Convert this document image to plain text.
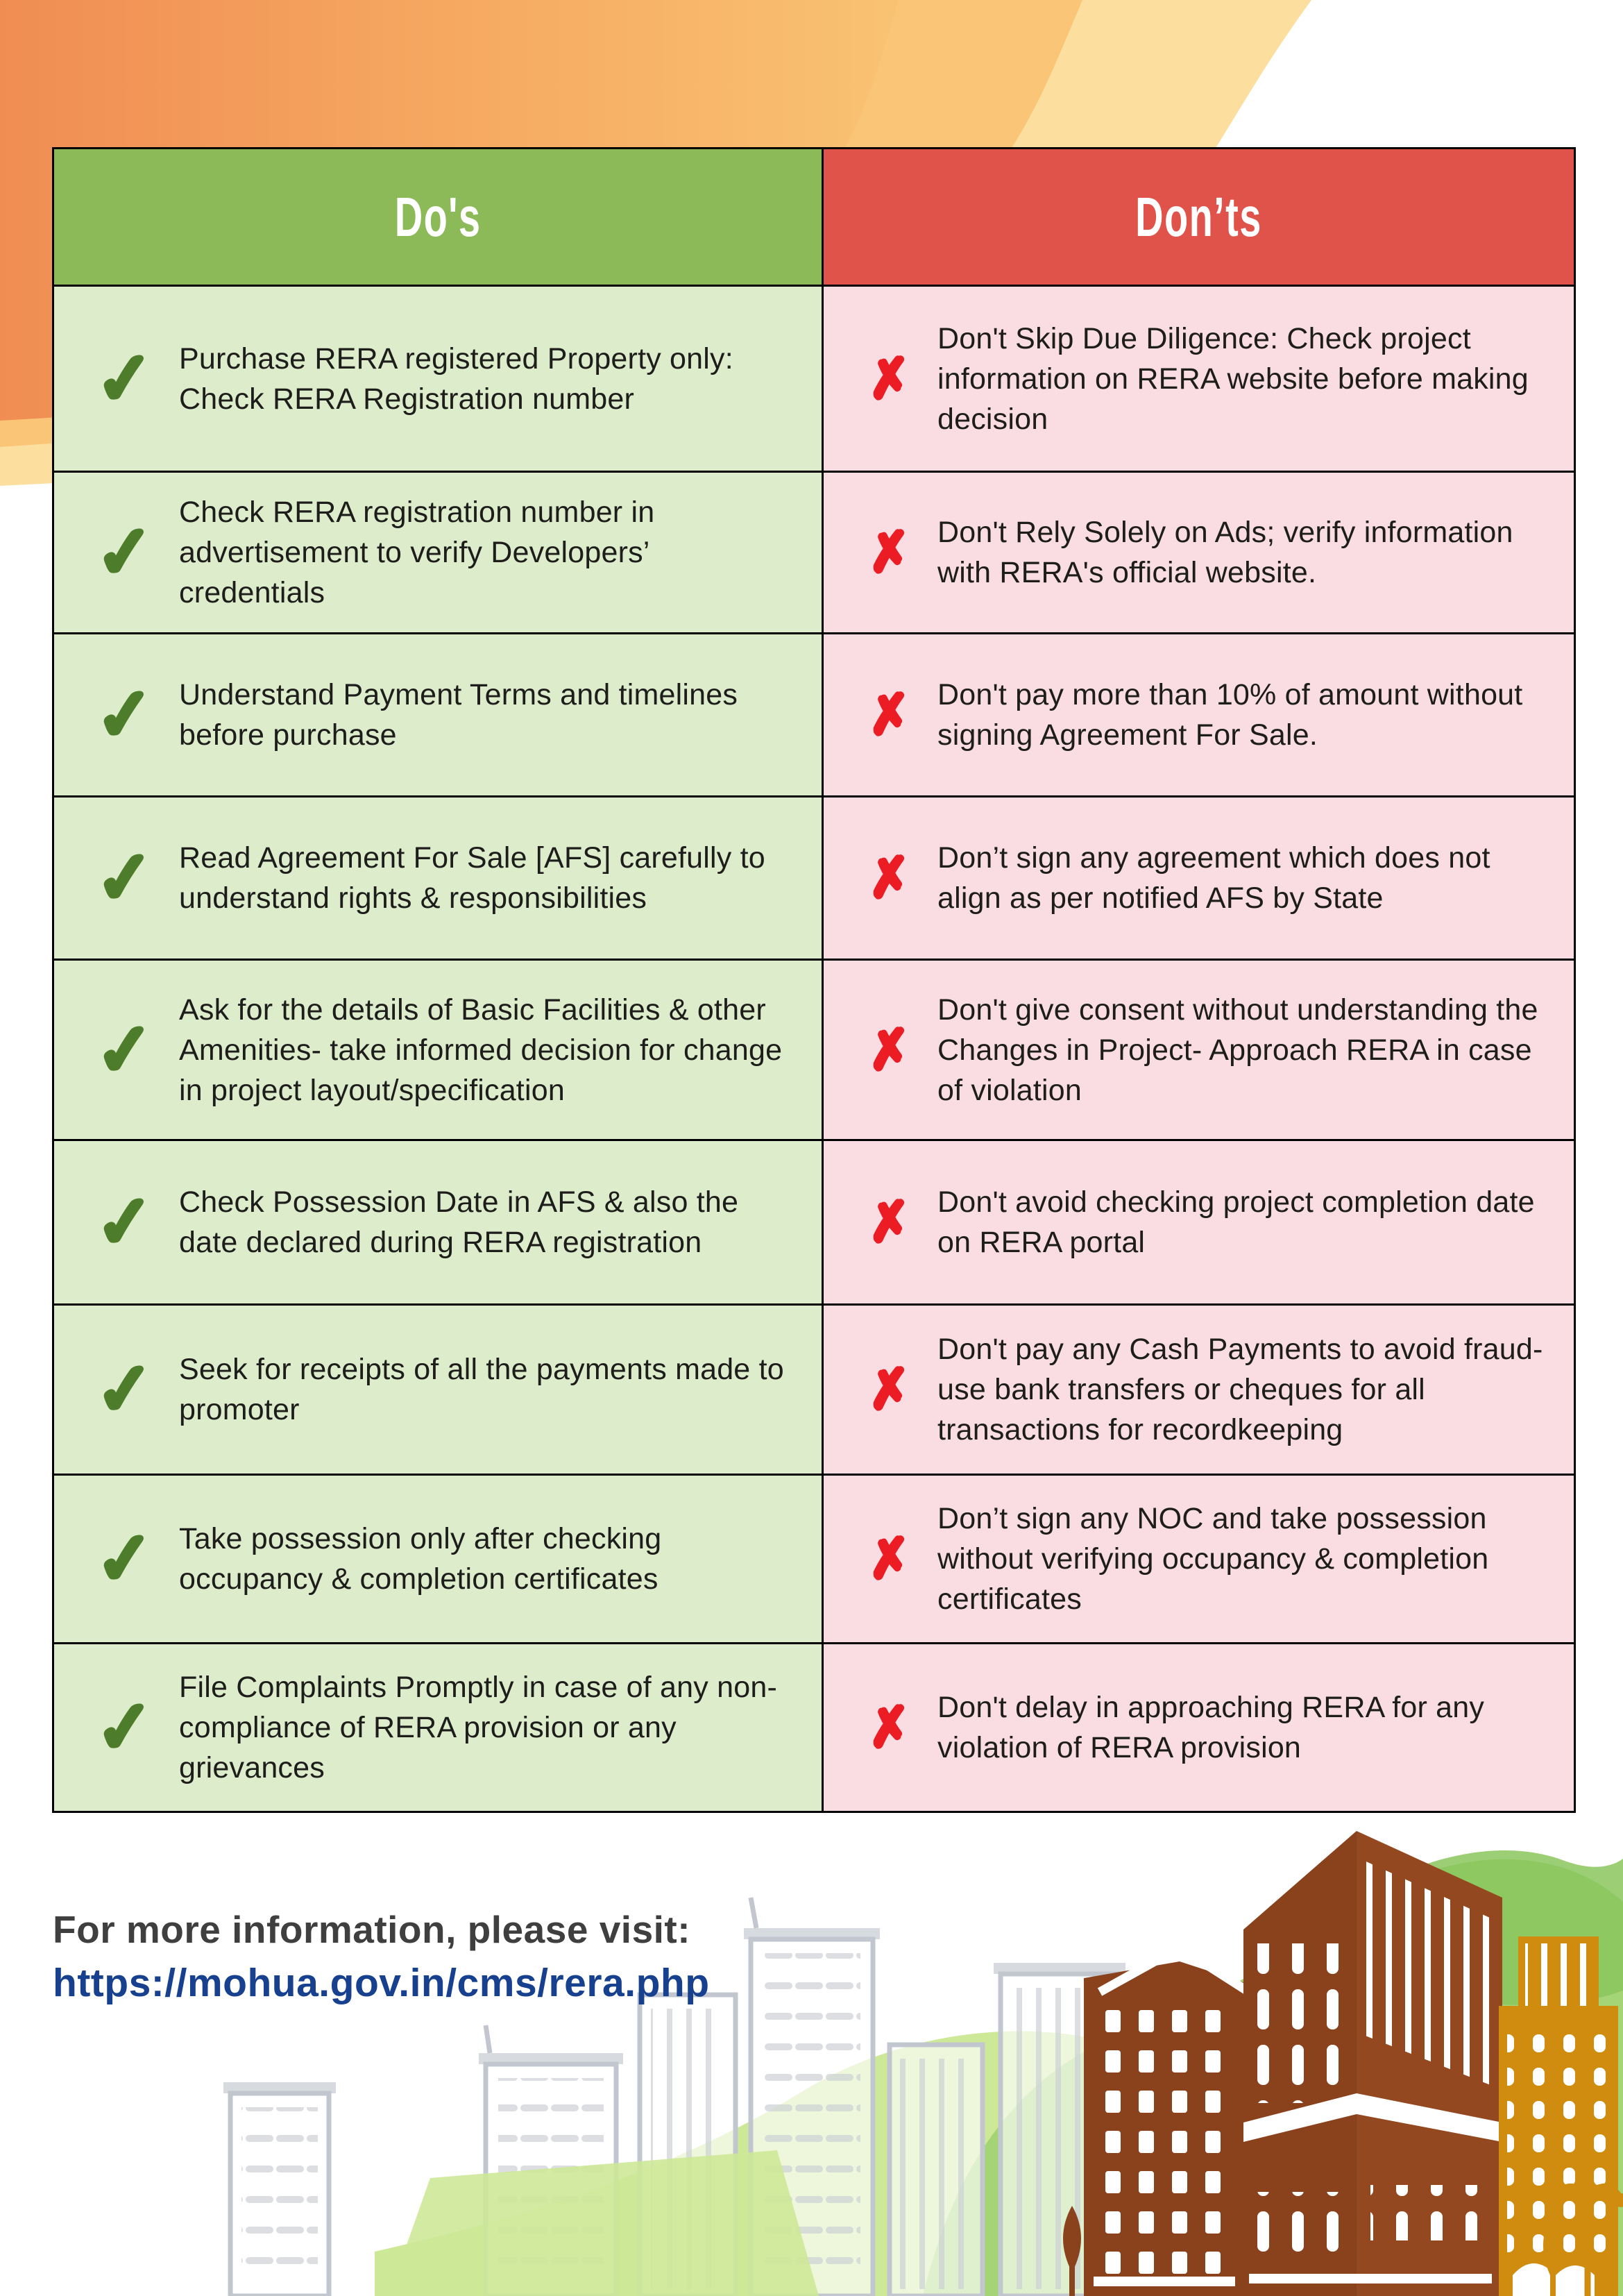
Do's	Don’ts
✓ Purchase RERA registered Property only: Check RERA Registration number	✗
Don't Skip Due Diligence: Check project information on RERA website before making decision
✓ Check RERA registration number in advertisement to verify Developers’ credentials
✗ Don't Rely Solely on Ads; verify information with RERA's official website.
✓ Understand Payment Terms and timelines before purchase	✗ Don't pay more than 10% of amount without signing Agreement For Sale.
✓ Read Agreement For Sale [AFS] carefully to understand rights & responsibilities	✗ Don’t sign any agreement which does not align as per notified AFS by State
✓ Ask for the details of Basic Facilities & other Amenities- take informed decision for change in project layout/specification
✗
Don't give consent without understanding the Changes in Project- Approach RERA in case of violation
✓ Check Possession Date in AFS & also the date declared during RERA registration	✗ Don't avoid checking project completion date on RERA portal
✓ Seek for receipts of all the payments made to promoter	✗
Don't pay any Cash Payments to avoid fraud- use bank transfers or cheques for all transactions for recordkeeping
✓ Take possession only after checking occupancy & completion certificates	✗
Don’t sign any NOC and take possession without verifying occupancy & completion certificates
✓ File Complaints Promptly in case of any non- compliance of RERA provision or any grievances
✗ Don't delay in approaching RERA for any violation of RERA provision
For more information, please visit:
https://mohua.gov.in/cms/rera.php
